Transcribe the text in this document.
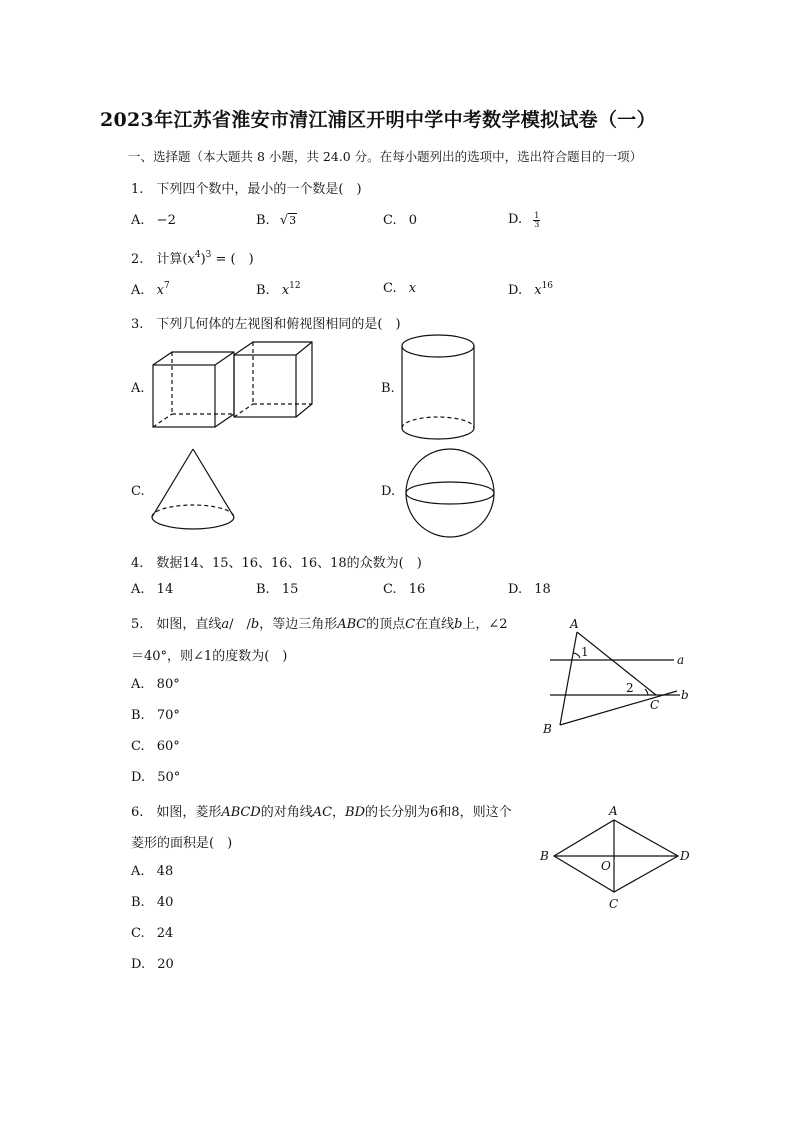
2023年江苏省淮安市清江浦区开明中学中考数学模拟试卷（一）
一、选择题（本大题共 8 小题，共 24.0 分。在每小题列出的选项中，选出符合题目的一项）
1.　下列四个数中，最小的一个数是(　)
A. −2	B. √3	C. 0	D. $\frac{1}{3}$
2.　计算$(x^4)^3$ = (　)
A. $x^7$	B. $x^{12}$	C. x	D. $x^{16}$
3.　下列几何体的左视图和俯视图相同的是(　)
A.	B.
C.	D.
4.　数据14、15、16、16、16、18的众数为(　)
A. 14	B. 15	C. 16	D. 18
5.　如图，直线𝑎/　/𝑏，等边三角形𝐴𝐵𝐶的顶点𝐶在直线𝑏上，∠2
＝40°，则∠1的度数为(　)
A. 80°
B. 70°
C. 60°
D. 50°
A
B
C
a
b
1
2
6.　如图，菱形𝐴𝐵𝐶𝐷的对角线𝐴𝐶，𝐵𝐷的长分别为6和8，则这个
菱形的面积是(　)
A. 48
B. 40
C. 24
D. 20
A
B
C
D
O
